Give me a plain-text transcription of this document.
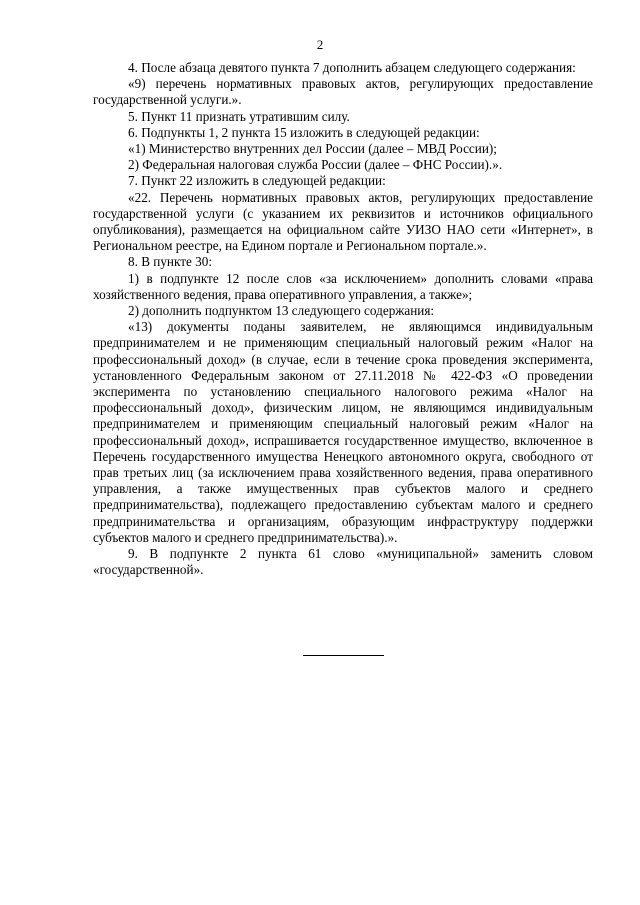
2

4. После абзаца девятого пункта 7 дополнить абзацем следующего содержания:

«9) перечень нормативных правовых актов, регулирующих предоставление государственной услуги.».

5. Пункт 11 признать утратившим силу.

6. Подпункты 1, 2 пункта 15 изложить в следующей редакции:

«1) Министерство внутренних дел России (далее – МВД России);

2) Федеральная налоговая служба России (далее – ФНС России).».

7. Пункт 22 изложить в следующей редакции:

«22. Перечень нормативных правовых актов, регулирующих предоставление государственной услуги (с указанием их реквизитов и источников официального опубликования), размещается на официальном сайте УИЗО НАО сети «Интернет», в Региональном реестре, на Едином портале и Региональном портале.».

8. В пункте 30:

1) в подпункте 12 после слов «за исключением» дополнить словами «права хозяйственного ведения, права оперативного управления, а также»;

2) дополнить подпунктом 13 следующего содержания:

«13) документы поданы заявителем, не являющимся индивидуальным предпринимателем и не применяющим специальный налоговый режим «Налог на профессиональный доход» (в случае, если в течение срока проведения эксперимента, установленного Федеральным законом от 27.11.2018 № 422-ФЗ «О проведении эксперимента по установлению специального налогового режима «Налог на профессиональный доход», физическим лицом, не являющимся индивидуальным предпринимателем и применяющим специальный налоговый режим «Налог на профессиональный доход», испрашивается государственное имущество, включенное в Перечень государственного имущества Ненецкого автономного округа, свободного от прав третьих лиц (за исключением права хозяйственного ведения, права оперативного управления, а также имущественных прав субъектов малого и среднего предпринимательства), подлежащего предоставлению субъектам малого и среднего предпринимательства и организациям, образующим инфраструктуру поддержки субъектов малого и среднего предпринимательства).».

9. В подпункте 2 пункта 61 слово «муниципальной» заменить словом «государственной».
